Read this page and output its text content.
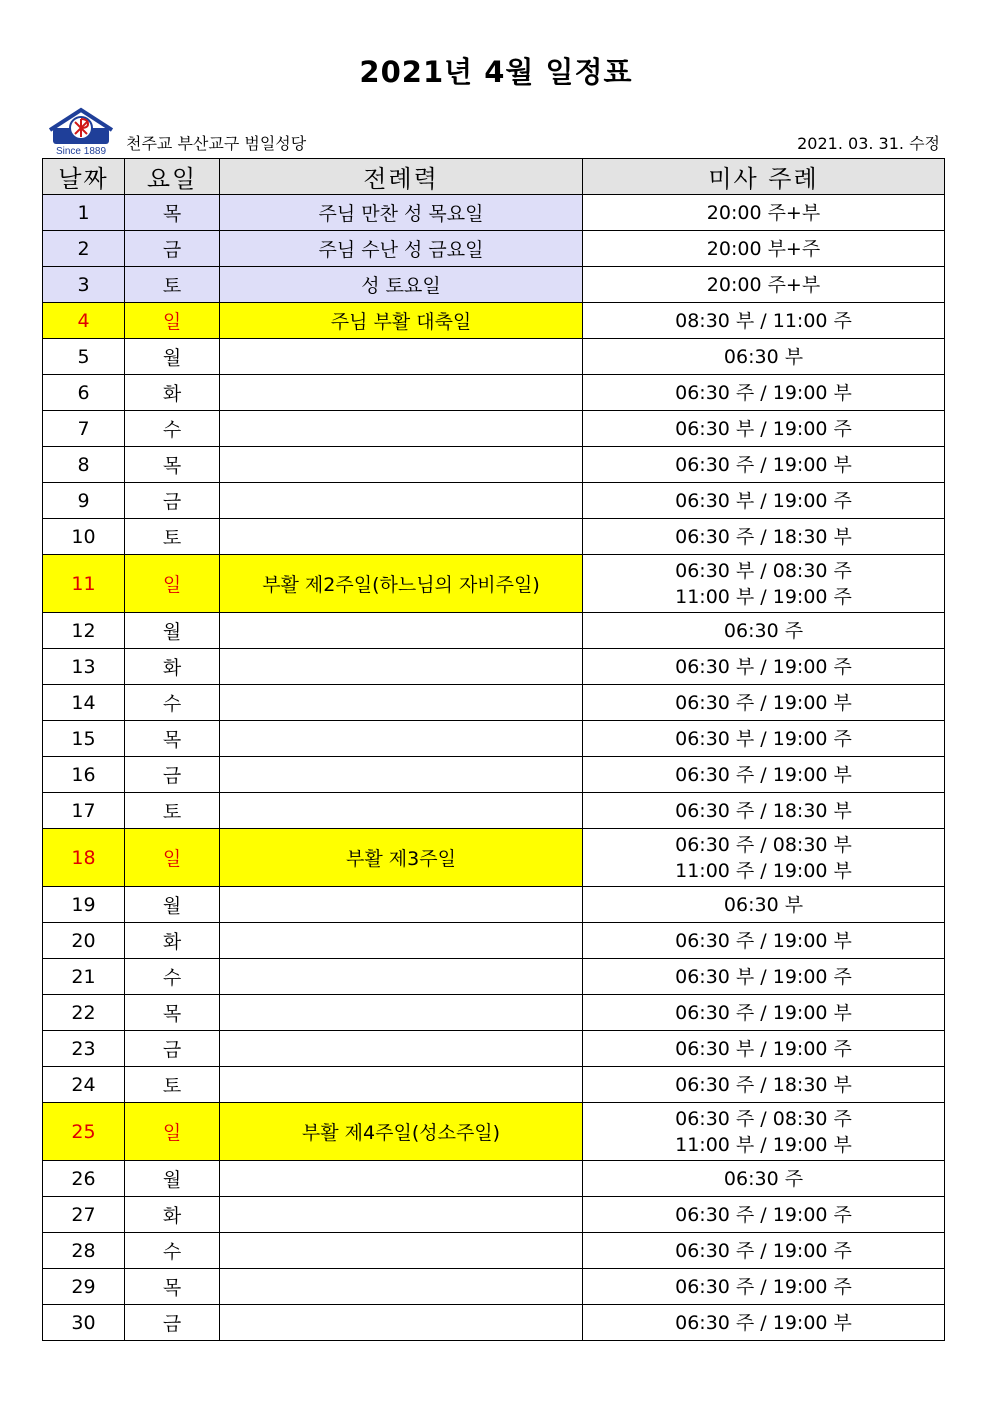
2021년 4월 일정표
Since 1889 천주교 부산교구 범일성당	2021. 03. 31. 수정
날짜	요일	전례력	미사 주례
1	목	주님 만찬 성 목요일	20:00 주+부
2	금	주님 수난 성 금요일	20:00 부+주
3	토	성 토요일	20:00 주+부
4	일	주님 부활 대축일	08:30 부 / 11:00 주
5	월		06:30 부
6	화		06:30 주 / 19:00 부
7	수		06:30 부 / 19:00 주
8	목		06:30 주 / 19:00 부
9	금		06:30 부 / 19:00 주
10	토		06:30 주 / 18:30 부
11	일	부활 제2주일(하느님의 자비주일)	06:30 부 / 08:30 주
11:00 부 / 19:00 주
12	월		06:30 주
13	화		06:30 부 / 19:00 주
14	수		06:30 주 / 19:00 부
15	목		06:30 부 / 19:00 주
16	금		06:30 주 / 19:00 부
17	토		06:30 주 / 18:30 부
18	일	부활 제3주일	06:30 주 / 08:30 부
11:00 주 / 19:00 부
19	월		06:30 부
20	화		06:30 주 / 19:00 부
21	수		06:30 부 / 19:00 주
22	목		06:30 주 / 19:00 부
23	금		06:30 부 / 19:00 주
24	토		06:30 주 / 18:30 부
25	일	부활 제4주일(성소주일)	06:30 주 / 08:30 주
11:00 부 / 19:00 부
26	월		06:30 주
27	화		06:30 주 / 19:00 주
28	수		06:30 주 / 19:00 주
29	목		06:30 주 / 19:00 주
30	금		06:30 주 / 19:00 부
